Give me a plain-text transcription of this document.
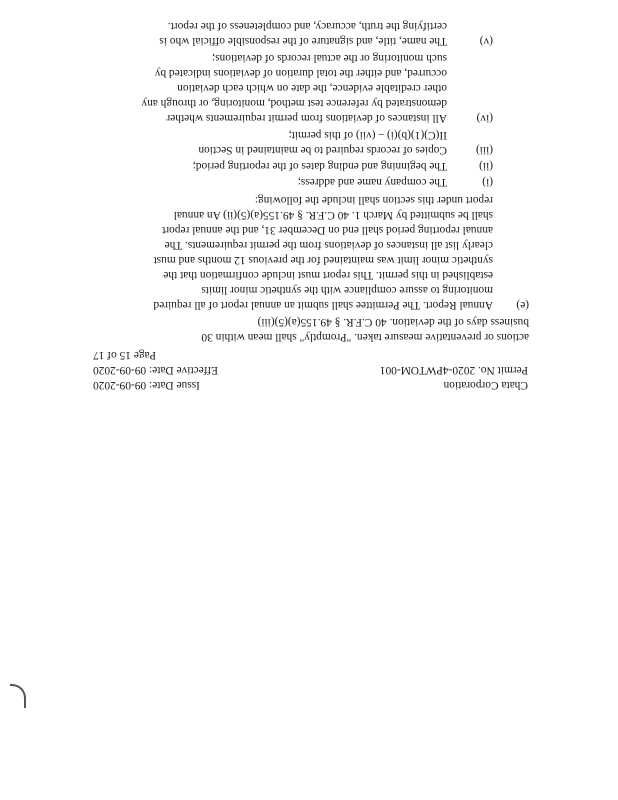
Chata Corporation
Permit No. 2020-4PWTOM-001
Issue Date: 09-09-2020
Effective Date: 09-09-2020
Page 15 of 17
actions or preventative measure taken. "Promptly" shall mean within 30
business days of the deviation. 40 C.F.R. § 49.155(a)(5)(iii)
(e)
Annual Report. The Permittee shall submit an annual report of all required
monitoring to assure compliance with the synthetic minor limits
established in this permit. This report must include confirmation that the
synthetic minor limit was maintained for the previous 12 months and must
clearly list all instances of deviations from the permit requirements. The
annual reporting period shall end on December 31, and the annual report
shall be submitted by March 1. 40 C.F.R. § 49.155(a)(5)(ii) An annual
report under this section shall include the following:
(i)
The company name and address;
(ii)
The beginning and ending dates of the reporting period;
(iii)
Copies of records required to be maintained in Section
II(C)(1)(b)(i) – (vii) of this permit;
(iv)
All instances of deviations from permit requirements whether
demonstrated by reference test method, monitoring, or through any
other creditable evidence, the date on which each deviation
occurred, and either the total duration of deviations indicated by
such monitoring or the actual records of deviations;
(v)
The name, title, and signature of the responsible official who is
certifying the truth, accuracy, and completeness of the report.
